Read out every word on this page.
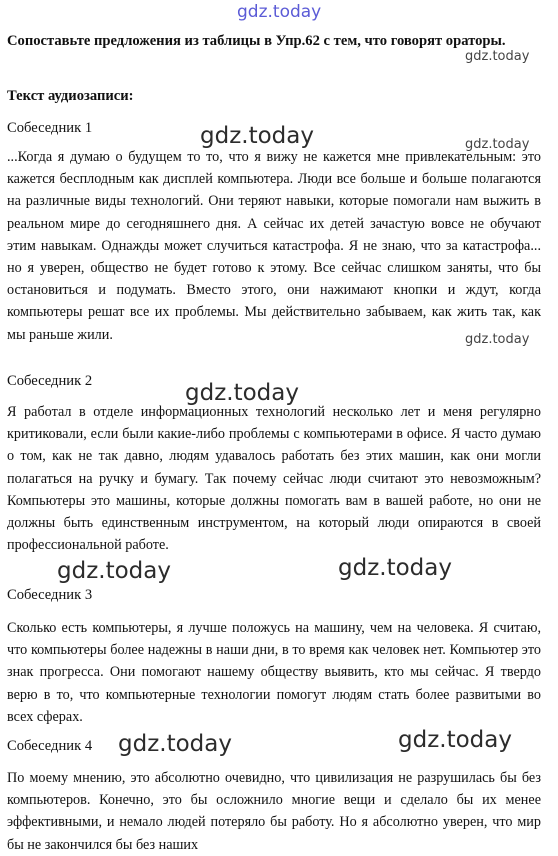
gdz.today
Сопоставьте предложения из таблицы в Упр.62 с тем, что говорят ораторы.
gdz.today
Текст аудиозаписи:
Собеседник 1	gdz.today	gdz.today

...Когда я думаю о будущем то то, что я вижу не кажется мне привлекательным: это кажется бесплодным как дисплей компьютера. Люди все больше и больше полагаются на различные виды технологий. Они теряют навыки, которые помогали нам выжить в реальном мире до сегодняшнего дня. А сейчас их детей зачастую вовсе не обучают этим навыкам. Однажды может случиться катастрофа. Я не знаю, что за катастрофа... но я уверен, общество не будет готово к этому. Все сейчас слишком заняты, что бы остановиться и подумать. Вместо этого, они нажимают кнопки и ждут, когда компьютеры решат все их проблемы. Мы действительно забываем, как жить так, как мы раньше жили.	gdz.today
Собеседник 2	gdz.today

Я работал в отделе информационных технологий несколько лет и меня регулярно критиковали, если были какие-либо проблемы с компьютерами в офисе. Я часто думаю о том, как не так давно, людям удавалось работать без этих машин, как они могли полагаться на ручку и бумагу. Так почему сейчас люди считают это невозможным? Компьютеры это машины, которые должны помогать вам в вашей работе, но они не должны быть единственным инструментом, на который люди опираются в своей профессиональной работе.

gdz.today	gdz.today
Собеседник 3

Сколько есть компьютеры, я лучше положусь на машину, чем на человека. Я считаю, что компьютеры более надежны в наши дни, в то время как человек нет. Компьютер это знак прогресса. Они помогают нашему обществу выявить, кто мы сейчас. Я твердо верю в то, что компьютерные технологии помогут людям стать более развитыми во всех сферах.

Собеседник 4	gdz.today	gdz.today

По моему мнению, это абсолютно очевидно, что цивилизация не разрушилась бы без компьютеров. Конечно, это бы осложнило многие вещи и сделало бы их менее эффективными, и немало людей потеряло бы работу. Но я абсолютно уверен, что мир бы не закончился бы без наших
